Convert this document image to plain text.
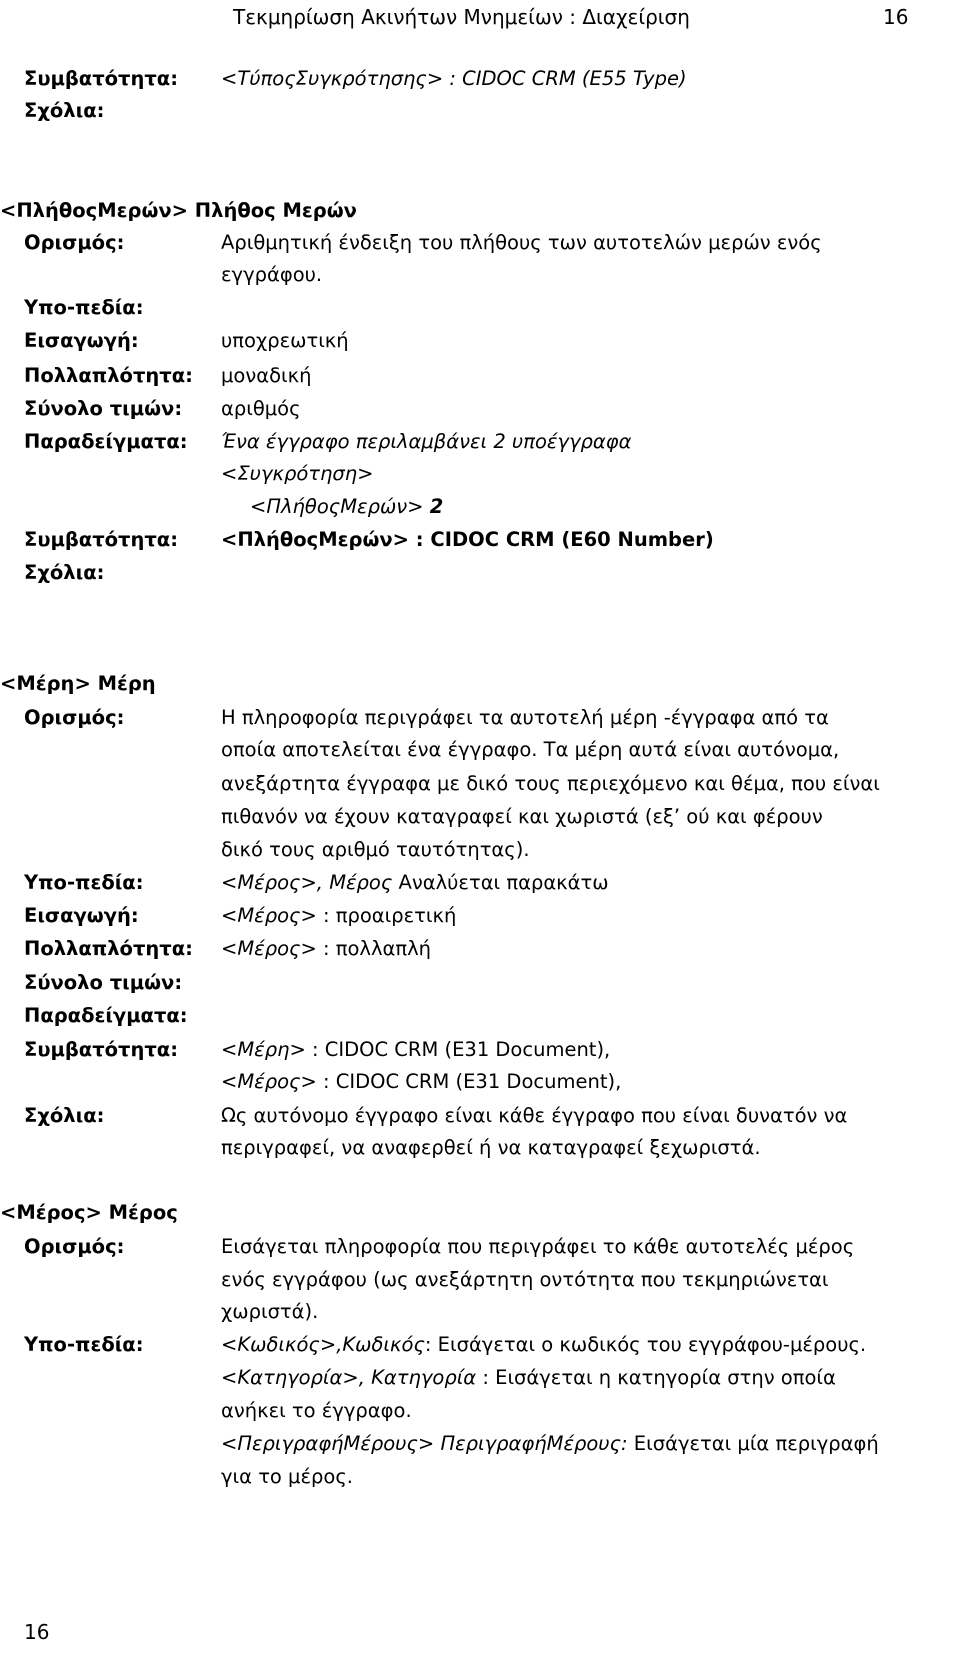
Τεκμηρίωση Ακινήτων Μνημείων : Διαχείριση	16
Συμβατότητα: <ΤύποςΣυγκρότησης> : CIDOC CRM (E55 Type)
Σχόλια:
<ΠλήθοςΜερών> Πλήθος Μερών
Ορισμός:	Αριθμητική ένδειξη του πλήθους των αυτοτελών μερών ενός
εγγράφου.
Υπο-πεδία:
Εισαγωγή:	υποχρεωτική
Πολλαπλότητα: μοναδική
Σύνολο τιμών: αριθμός
Παραδείγματα: Ένα έγγραφο περιλαμβάνει 2 υποέγγραφα
<Συγκρότηση>
<ΠλήθοςΜερών> 2
Συμβατότητα: <ΠλήθοςΜερών> : CIDOC CRM (E60 Number)
Σχόλια:
<Μέρη> Μέρη
Ορισμός:	Η πληροφορία περιγράφει τα αυτοτελή μέρη -έγγραφα από τα
οποία αποτελείται ένα έγγραφο. Τα μέρη αυτά είναι αυτόνομα,
ανεξάρτητα έγγραφα με δικό τους περιεχόμενο και θέμα, που είναι
πιθανόν να έχουν καταγραφεί και χωριστά (εξ’ ού και φέρουν
δικό τους αριθμό ταυτότητας).
Υπο-πεδία:	<Μέρος>, Μέρος Αναλύεται παρακάτω
Εισαγωγή:	<Μέρος> : προαιρετική
Πολλαπλότητα: <Μέρος> : πολλαπλή
Σύνολο τιμών:
Παραδείγματα:
Συμβατότητα: <Μέρη> : CIDOC CRM (E31 Document),
<Μέρος> : CIDOC CRM (E31 Document),
Σχόλια:	Ως αυτόνομο έγγραφο είναι κάθε έγγραφο που είναι δυνατόν να
περιγραφεί, να αναφερθεί ή να καταγραφεί ξεχωριστά.
<Μέρος> Μέρος
Ορισμός:	Εισάγεται πληροφορία που περιγράφει το κάθε αυτοτελές μέρος
ενός εγγράφου (ως ανεξάρτητη οντότητα που τεκμηριώνεται
χωριστά).
Υπο-πεδία:	<Κωδικός>,Κωδικός: Εισάγεται ο κωδικός του εγγράφου-μέρους.
<Κατηγορία>, Κατηγορία : Εισάγεται η κατηγορία στην οποία
ανήκει το έγγραφο.
<ΠεριγραφήΜέρους> ΠεριγραφήΜέρους: Εισάγεται μία περιγραφή
για το μέρος.
16
